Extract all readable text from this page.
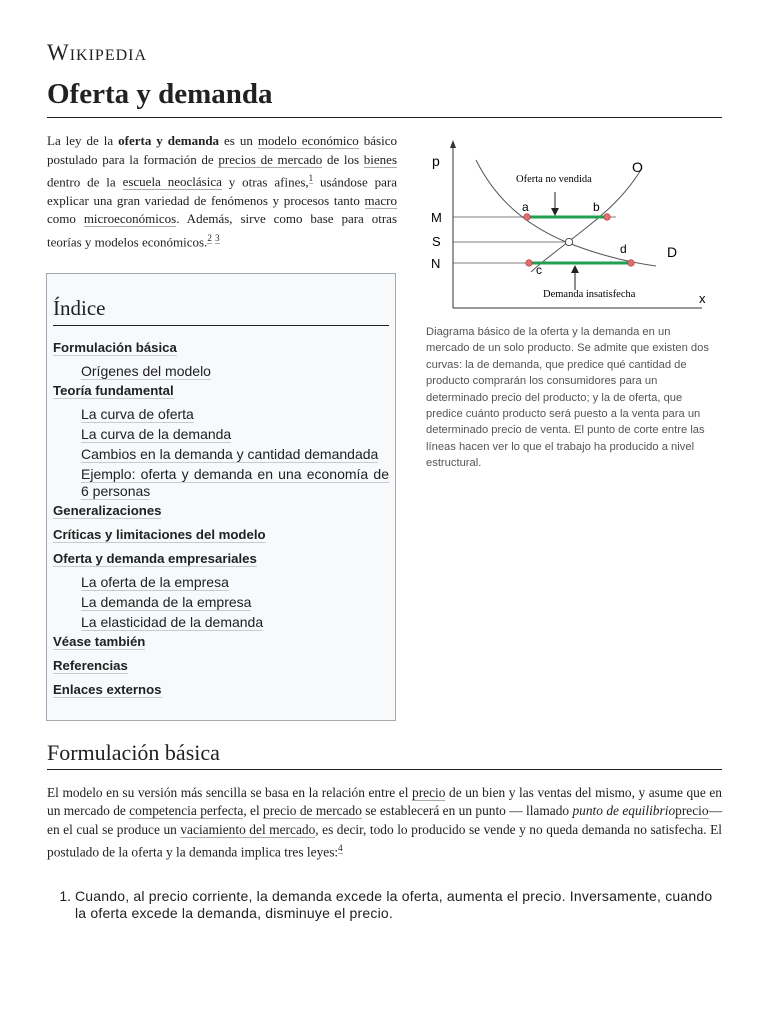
Wikipedia
Oferta y demanda

La ley de la oferta y demanda es un modelo económico básico postulado para la formación de precios de mercado de los bienes dentro de la escuela neoclásica y otras afines,$^1$ usándose para explicar una gran variedad de fenómenos y procesos tanto macro como microeconómicos. Además, sirve como base para otras teorías y modelos económicos.$^2$ $^3$

p
x
M
S
N
O
D
a	b
c
d
Oferta no vendida
Demanda insatisfecha

Diagrama básico de la oferta y la demanda en un mercado de un solo producto. Se admite que existen dos curvas: la de demanda, que predice qué cantidad de producto comprarán los consumidores para un determinado precio del producto; y la de oferta, que predice cuánto producto será puesto a la venta para un determinado precio de venta. El punto de corte entre las líneas hacen ver lo que el trabajo ha producido a nivel estructural.

Índice
Formulación básica
Orígenes del modelo
Teoría fundamental
La curva de oferta
La curva de la demanda
Cambios en la demanda y cantidad demandada
Ejemplo: oferta y demanda en una economía de 6 personas
Generalizaciones
Críticas y limitaciones del modelo
Oferta y demanda empresariales
La oferta de la empresa
La demanda de la empresa
La elasticidad de la demanda
Véase también
Referencias
Enlaces externos
Formulación básica

El modelo en su versión más sencilla se basa en la relación entre el precio de un bien y las ventas del mismo, y asume que en un mercado de competencia perfecta, el precio de mercado se establecerá en un punto — llamado punto de equilibrioprecio— en el cual se produce un vaciamiento del mercado, es decir, todo lo producido se vende y no queda demanda no satisfecha. El postulado de la oferta y la demanda implica tres leyes:$^4$

1. Cuando, al precio corriente, la demanda excede la oferta, aumenta el precio. Inversamente, cuando la oferta excede la demanda, disminuye el precio.
